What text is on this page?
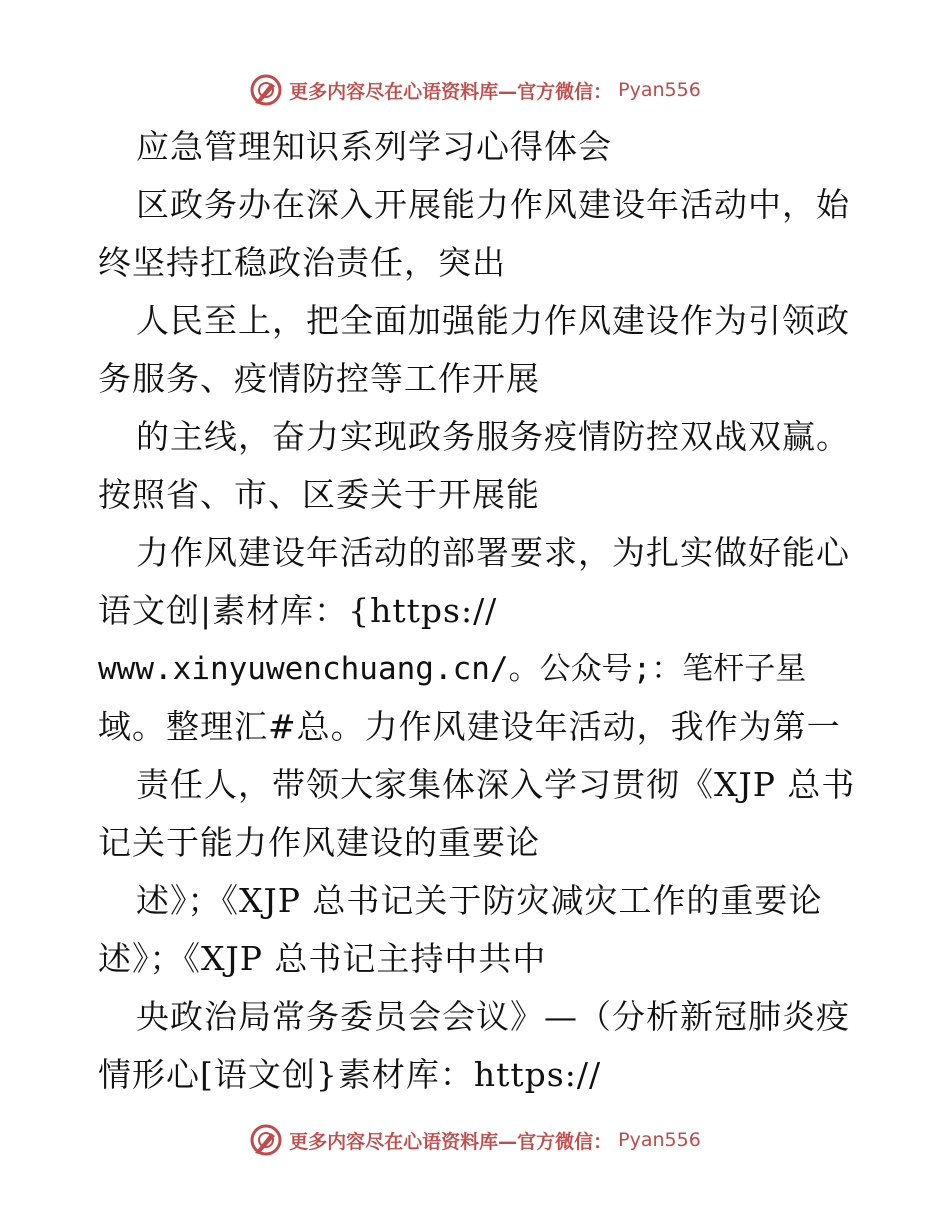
更多内容尽在心语资料库—官方微信： Pyan556
应急管理知识系列学习心得体会
区政务办在深入开展能力作风建设年活动中，始
终坚持扛稳政治责任，突出
人民至上，把全面加强能力作风建设作为引领政
务服务、疫情防控等工作开展
的主线，奋力实现政务服务疫情防控双战双赢。
按照省、市、区委关于开展能
力作风建设年活动的部署要求，为扎实做好能心
语文创|素材库：{https://
www.xinyuwenchuang.cn/。公众号;：笔杆子星
域。整理汇#总。力作风建设年活动，我作为第一
责任人，带领大家集体深入学习贯彻《XJP 总书
记关于能力作风建设的重要论
述》；《XJP 总书记关于防灾减灾工作的重要论
述》；《XJP 总书记主持中共中
央政治局常务委员会会议》—（分析新冠肺炎疫
情形心[语文创}素材库：https://
更多内容尽在心语资料库—官方微信： Pyan556
